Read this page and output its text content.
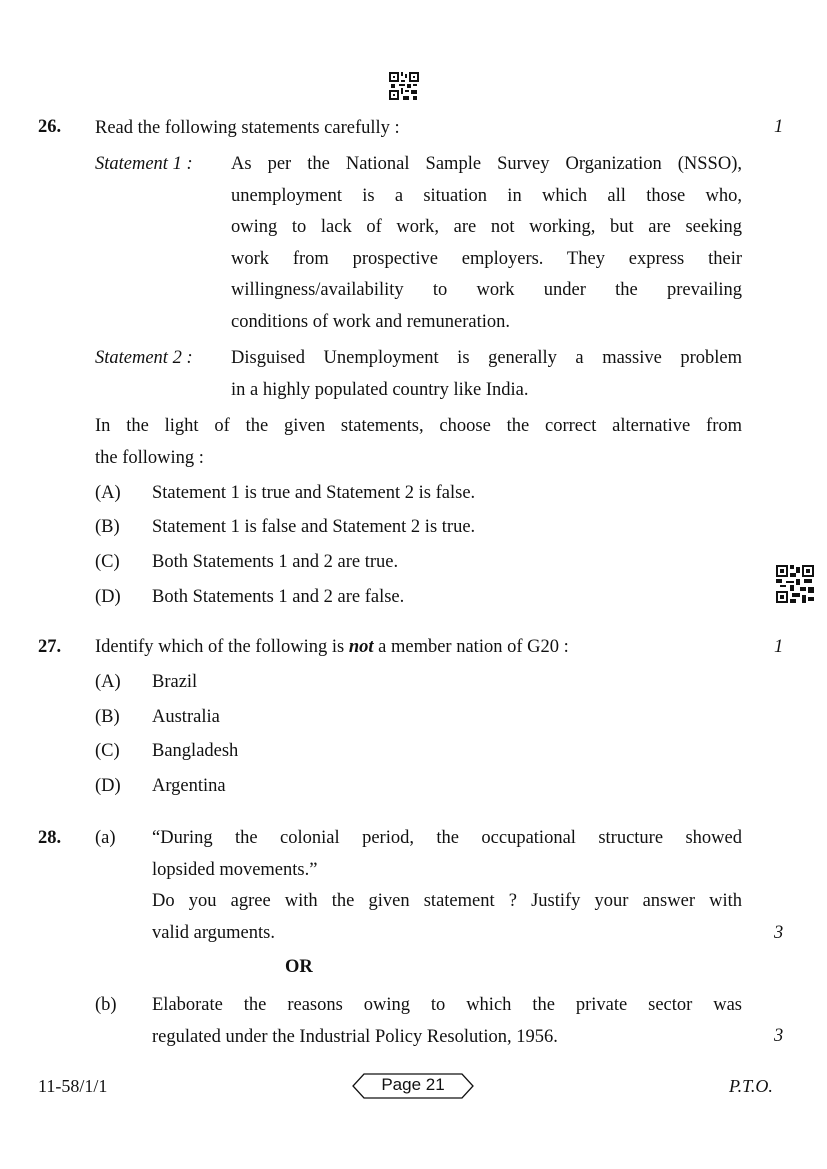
26. Read the following statements carefully :	1
Statement 1 : As per the National Sample Survey Organization (NSSO),
unemployment is a situation in which all those who,
owing to lack of work, are not working, but are seeking
work from prospective employers. They express their
willingness/availability to work under the prevailing
conditions of work and remuneration.
Statement 2 : Disguised Unemployment is generally a massive problem
in a highly populated country like India.
In the light of the given statements, choose the correct alternative from
the following :
(A) Statement 1 is true and Statement 2 is false.
(B) Statement 1 is false and Statement 2 is true.
(C) Both Statements 1 and 2 are true.
(D) Both Statements 1 and 2 are false.
27. Identify which of the following is not a member nation of G20 :	1
(A) Brazil
(B) Australia
(C) Bangladesh
(D) Argentina
28. (a) “During the colonial period, the occupational structure showed
lopsided movements.”
Do you agree with the given statement ? Justify your answer with
valid arguments.	3
OR
(b) Elaborate the reasons owing to which the private sector was
regulated under the Industrial Policy Resolution, 1956.	3
11-58/1/1	Page 21	P.T.O.
